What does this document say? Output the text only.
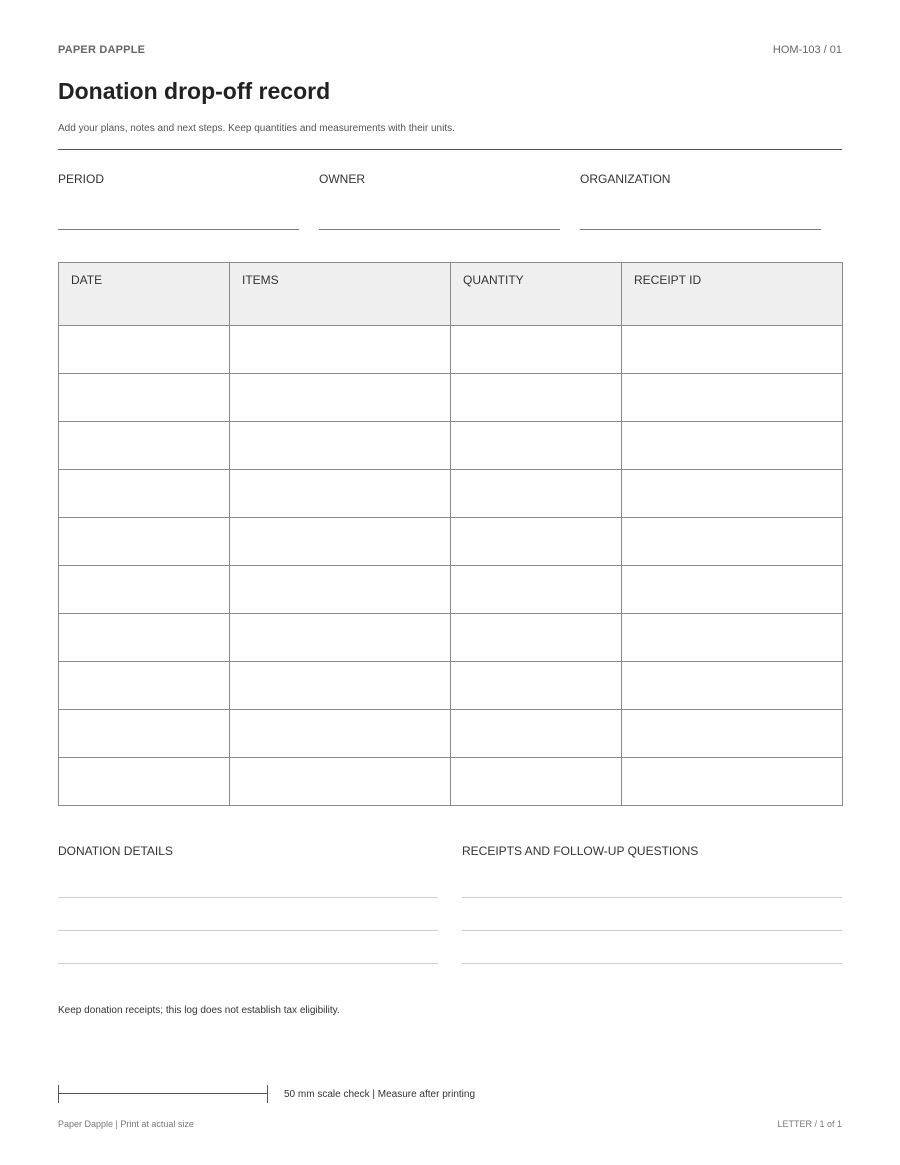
PAPER DAPPLE	HOM-103 / 01
Donation drop-off record

Add your plans, notes and next steps. Keep quantities and measurements with their units.

PERIOD	OWNER	ORGANIZATION
DATE	ITEMS	QUANTITY	RECEIPT ID

DONATION DETAILS	RECEIPTS AND FOLLOW-UP QUESTIONS

Keep donation receipts; this log does not establish tax eligibility.

50 mm scale check | Measure after printing
Paper Dapple | Print at actual size	LETTER / 1 of 1
